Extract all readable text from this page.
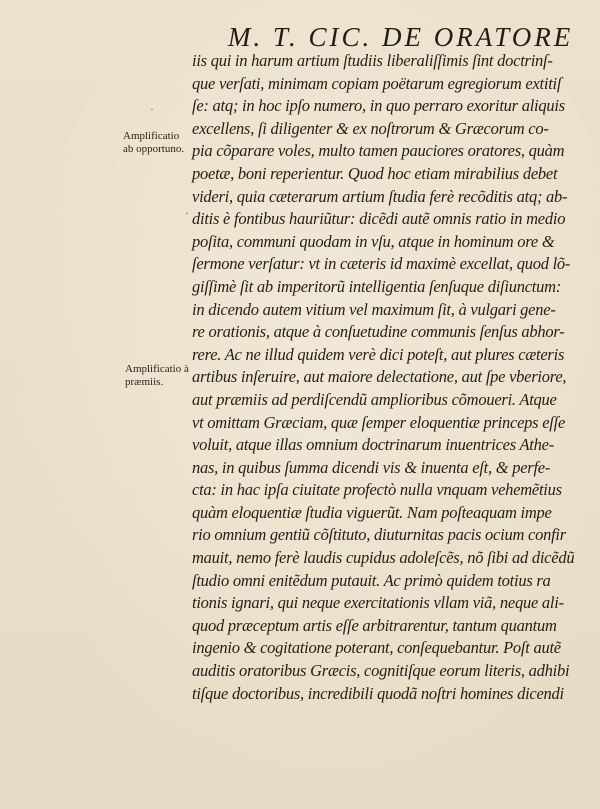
M. T. CIC. DE ORATORE
Amplificatio
ab opportuno.
Amplificatio à
præmiis.
·
·
iis qui in harum artium ſtudiis liberaliſſimis ſint doctrinſ-
que verſati, minimam copiam poëtarum egregiorum extitiſ
ſe: atq; in hoc ipſo numero, in quo perraro exoritur aliquis
excellens, ſi diligenter & ex noſtrorum & Græcorum co-
pia cõparare voles, multo tamen pauciores oratores, quàm
poetæ, boni reperientur. Quod hoc etiam mirabilius debet
videri, quia cæterarum artium ſtudia ferè recõditis atq; ab-
ditis è fontibus hauriũtur: dicẽdi autẽ omnis ratio in medio
poſita, communi quodam in vſu, atque in hominum ore &
ſermone verſatur: vt in cæteris id maximè excellat, quod lõ-
giſſimè ſit ab imperitorũ intelligentia ſenſuque diſiunctum:
in dicendo autem vitium vel maximum ſit, à vulgari gene-
re orationis, atque à conſuetudine communis ſenſus abhor-
rere. Ac ne illud quidem verè dici poteſt, aut plures cæteris
artibus inſeruire, aut maiore delectatione, aut ſpe vberiore,
aut præmiis ad perdiſcendũ amplioribus cõmoueri. Atque
vt omittam Græciam, quæ ſemper eloquentiæ princeps eſſe
voluit, atque illas omnium doctrinarum inuentrices Athe-
nas, in quibus ſumma dicendi vis & inuenta eſt, & perfe-
cta: in hac ipſa ciuitate profectò nulla vnquam vehemẽtius
quàm eloquentiæ ſtudia viguerũt. Nam poſteaquam impe
rio omnium gentiũ cõſtituto, diuturnitas pacis ocium confir
mauit, nemo ferè laudis cupidus adoleſcẽs, nõ ſibi ad dicẽdũ
ſtudio omni enitẽdum putauit. Ac primò quidem totius ra
tionis ignari, qui neque exercitationis vllam viã, neque ali-
quod præceptum artis eſſe arbitrarentur, tantum quantum
ingenio & cogitatione poterant, conſequebantur. Poſt autẽ
auditis oratoribus Græcis, cognitiſque eorum literis, adhibi
tiſque doctoribus, incredibili quodã noſtri homines dicendi
